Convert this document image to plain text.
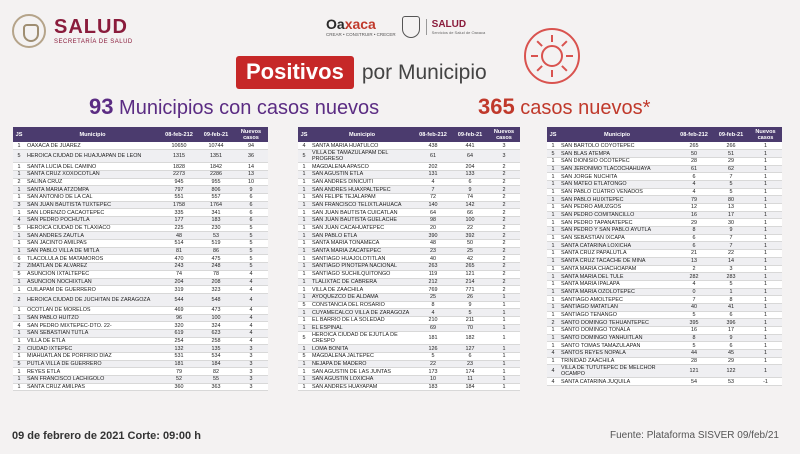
SALUD
SECRETARÍA DE SALUD
Oaxaca
CREAR • CONSTRUIR • CRECER
SALUD
Servicios de Salud de Oaxaca
Positivos por Municipio
93 Municipios con casos nuevos	365 casos nuevos*
JS	Municipio	08-feb-212	09-feb-21	Nuevos casos
1	OAXACA DE JUAREZ	10650	10744	94
5	HEROICA CIUDAD DE HUAJUAPAN DE LEON	1315	1351	36
1	SANTA LUCIA DEL CAMINO	1828	1842	14
1	SANTA CRUZ XOXOCOTLAN	2273	2286	13
2	SALINA CRUZ	945	955	10
1	SANTA MARIA ATZOMPA	797	806	9
1	SAN ANTONIO DE LA CAL	551	557	6
3	SAN JUAN BAUTISTA TUXTEPEC	1758	1764	6
1	SAN LORENZO CACAOTEPEC	335	341	6
4	SAN PEDRO POCHUTLA	177	183	6
5	HEROICA CIUDAD DE TLAXIACO	225	230	5
1	SAN ANDRES ZAUTLA	48	53	5
1	SAN JACINTO AMILPAS	514	519	5
1	SAN PABLO VILLA DE MITLA	81	86	5
6	TLACOLULA DE MATAMOROS	470	475	5
2	ZIMATLAN DE ALVAREZ	243	248	5
5	ASUNCION IXTALTEPEC	74	78	4
1	ASUNCION NOCHIXTLAN	204	208	4
1	CUILAPAM DE GUERRERO	319	323	4
2	HEROICA CIUDAD DE JUCHITAN DE ZARAGOZA	544	548	4
1	OCOTLAN DE MORELOS	469	473	4
1	SAN PABLO HUITZO	96	100	4
4	SAN PEDRO MIXTEPEC-DTO. 22-	320	324	4
1	SAN SEBASTIAN TUTLA	619	623	4
1	VILLA DE ETLA	254	258	4
2	CIUDAD IXTEPEC	132	135	3
1	MIAHUATLAN DE PORFIRIO DIAZ	531	534	3
5	PUTLA VILLA DE GUERRERO	181	184	3
1	REYES ETLA	79	82	3
1	SAN FRANCISCO LACHIGOLO	52	55	3
1	SANTA CRUZ AMILPAS	360	363	3
JS	Municipio	08-feb-212	09-feb-21	Nuevos casos
4	SANTA MARIA HUATULCO	438	441	3
5	VILLA DE TAMAZULAPAM DEL PROGRESO	61	64	3
1	MAGDALENA APASCO	202	204	2
1	SAN AGUSTIN ETLA	131	133	2
1	SAN ANDRES DINICUITI	4	6	2
1	SAN ANDRES HUAXPALTEPEC	7	9	2
1	SAN FELIPE TEJALAPAM	72	74	2
1	SAN FRANCISCO TELIXTLAHUACA	140	142	2
1	SAN JUAN BAUTISTA CUICATLAN	64	66	2
1	SAN JUAN BAUTISTA GUELACHE	98	100	2
1	SAN JUAN CACAHUATEPEC	20	22	2
1	SAN PABLO ETLA	390	392	2
1	SANTA MARIA TONAMECA	48	50	2
1	SANTA MARIA ZACATEPEC	23	25	2
1	SANTIAGO HUAJOLOTITLAN	40	42	2
1	SANTIAGO PINOTEPA NACIONAL	263	265	2
1	SANTIAGO SUCHILQUITONGO	119	121	2
1	TLALIXTAC DE CABRERA	212	214	2
1	VILLA DE ZAACHILA	769	771	2
1	AYOQUEZCO DE ALDAMA	25	26	1
5	CONSTANCIA DEL ROSARIO	8	9	1
1	CUYAMECALCO VILLA DE ZARAGOZA	4	5	1
1	EL BARRIO DE LA SOLEDAD	210	211	1
1	EL ESPINAL	69	70	1
5	HEROICA CIUDAD DE EJUTLA DE CRESPO	181	182	1
1	LOMA BONITA	126	127	1
5	MAGDALENA JALTEPEC	5	6	1
1	NEJAPA DE MADERO	22	23	1
1	SAN AGUSTIN DE LAS JUNTAS	173	174	1
1	SAN AGUSTIN LOXICHA	10	11	1
1	SAN ANDRES HUAYAPAM	183	184	1
JS	Municipio	08-feb-212	09-feb-21	Nuevos casos
1	SAN BARTOLO COYOTEPEC	265	266	1
5	SAN BLAS ATEMPA	50	51	1
1	SAN DIONISIO OCOTEPEC	28	29	1
1	SAN JERONIMO TLACOCHAHUAYA	61	62	1
1	SAN JORGE NUCHITA	6	7	1
1	SAN MATEO ETLATONGO	4	5	1
1	SAN PABLO CUATRO VENADOS	4	5	1
1	SAN PABLO HUIXTEPEC	79	80	1
1	SAN PEDRO AMUZGOS	12	13	1
1	SAN PEDRO COMITANCILLO	16	17	1
1	SAN PEDRO TAPANATEPEC	29	30	1
1	SAN PEDRO Y SAN PABLO AYUTLA	8	9	1
1	SAN SEBASTIAN IXCAPA	6	7	1
1	SANTA CATARINA LOXICHA	6	7	1
1	SANTA CRUZ PAPALUTLA	21	22	1
1	SANTA CRUZ TACACHE DE MINA	13	14	1
1	SANTA MARIA CHACHOAPAM	2	3	1
1	SANTA MARIA DEL TULE	282	283	1
1	SANTA MARIA IPALAPA	4	5	1
1	SANTA MARIA OZOLOTEPEC	0	1	1
1	SANTIAGO AMOLTEPEC	7	8	1
1	SANTIAGO MATATLAN	40	41	1
1	SANTIAGO TENANGO	5	6	1
2	SANTO DOMINGO TEHUANTEPEC	395	396	1
1	SANTO DOMINGO TONALA	16	17	1
1	SANTO DOMINGO YANHUITLAN	8	9	1
1	SANTO TOMAS TAMAZULAPAN	5	6	1
4	SANTOS REYES NOPALA	44	45	1
1	TRINIDAD ZAACHILA	28	29	1
4	VILLA DE TUTUTEPEC DE MELCHOR OCAMPO	121	122	1
4	SANTA CATARINA JUQUILA	54	53	-1
09 de febrero de 2021 Corte: 09:00 h	Fuente: Plataforma SISVER 09/feb/21
